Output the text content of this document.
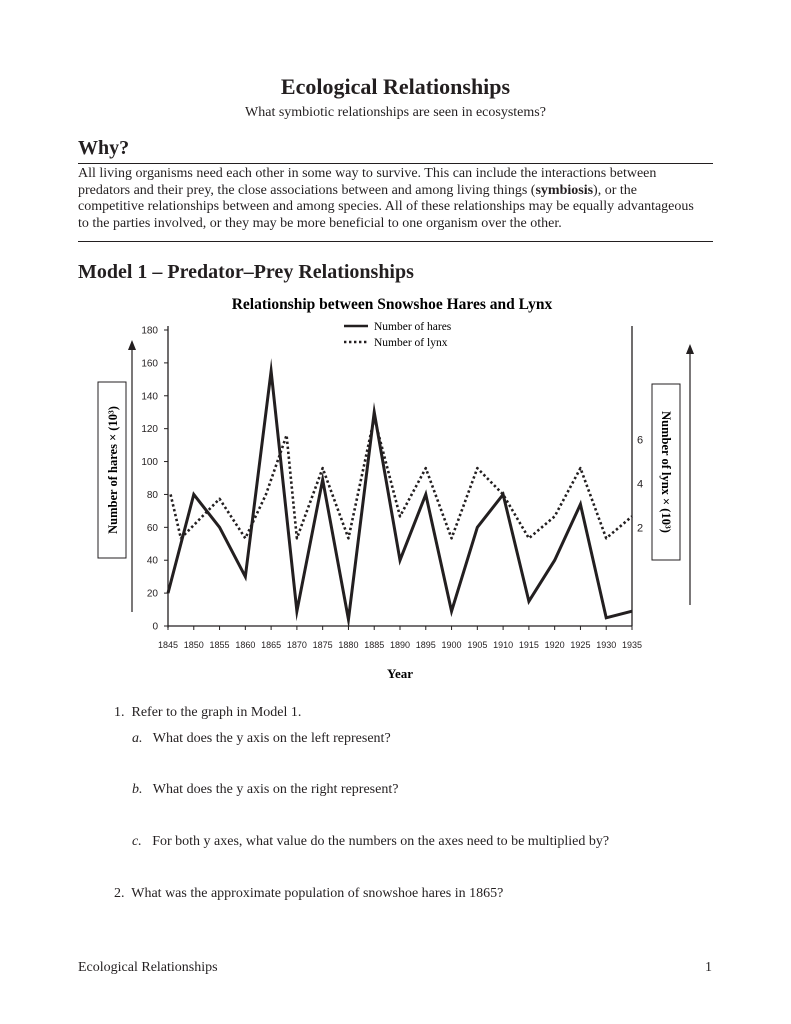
Ecological Relationships
What symbiotic relationships are seen in ecosystems?
Why?
All living organisms need each other in some way to survive. This can include the interactions between predators and their prey, the close associations between and among living things (symbiosis), or the competitive relationships between and among species. All of these relationships may be equally advantageous to the parties involved, or they may be more beneficial to one organism over the other.
Model 1 – Predator–Prey Relationships
Relationship between Snowshoe Hares and Lynx
0
20
40
60
80
100
120
140
160
180
2
4
6
1845 1850 1855 1860 1865 1870 1875 1880 1885 1890 1895 1900 1905 1910 1915 1920 1925 1930 1935
Number of hares × (10³)	Number of lynx × (10³)
Number of hares
Number of lynx
Year
1. Refer to the graph in Model 1.
a. What does the y axis on the left represent?
b. What does the y axis on the right represent?
c. For both y axes, what value do the numbers on the axes need to be multiplied by?
2. What was the approximate population of snowshoe hares in 1865?
Ecological Relationships	1
